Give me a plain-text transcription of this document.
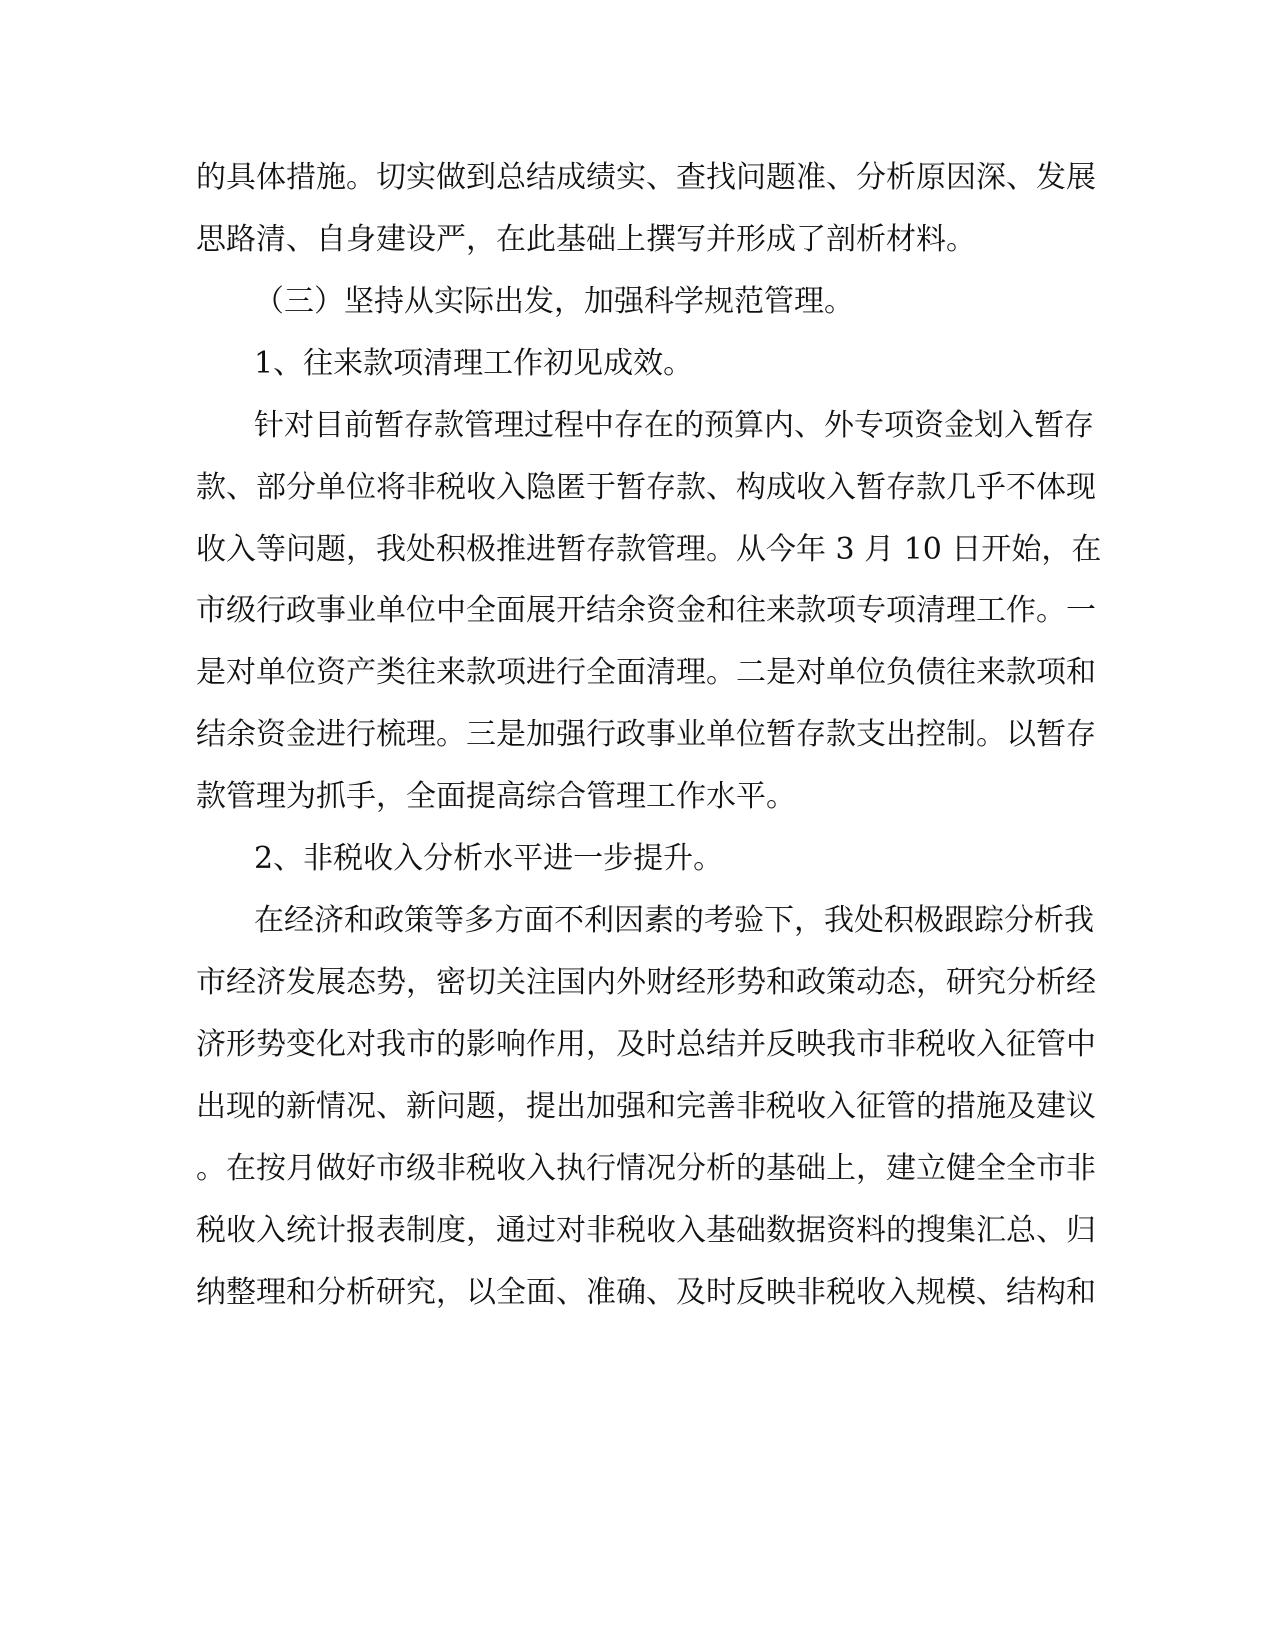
的具体措施。切实做到总结成绩实、查找问题准、分析原因深、发展
思路清、自身建设严，在此基础上撰写并形成了剖析材料。
（三）坚持从实际出发，加强科学规范管理。
1、往来款项清理工作初见成效。
针对目前暂存款管理过程中存在的预算内、外专项资金划入暂存
款、部分单位将非税收入隐匿于暂存款、构成收入暂存款几乎不体现
收入等问题，我处积极推进暂存款管理。从今年 3 月 10 日开始，在
市级行政事业单位中全面展开结余资金和往来款项专项清理工作。一
是对单位资产类往来款项进行全面清理。二是对单位负债往来款项和
结余资金进行梳理。三是加强行政事业单位暂存款支出控制。以暂存
款管理为抓手，全面提高综合管理工作水平。
2、非税收入分析水平进一步提升。
在经济和政策等多方面不利因素的考验下，我处积极跟踪分析我
市经济发展态势，密切关注国内外财经形势和政策动态，研究分析经
济形势变化对我市的影响作用，及时总结并反映我市非税收入征管中
出现的新情况、新问题，提出加强和完善非税收入征管的措施及建议
。在按月做好市级非税收入执行情况分析的基础上，建立健全全市非
税收入统计报表制度，通过对非税收入基础数据资料的搜集汇总、归
纳整理和分析研究，以全面、准确、及时反映非税收入规模、结构和
